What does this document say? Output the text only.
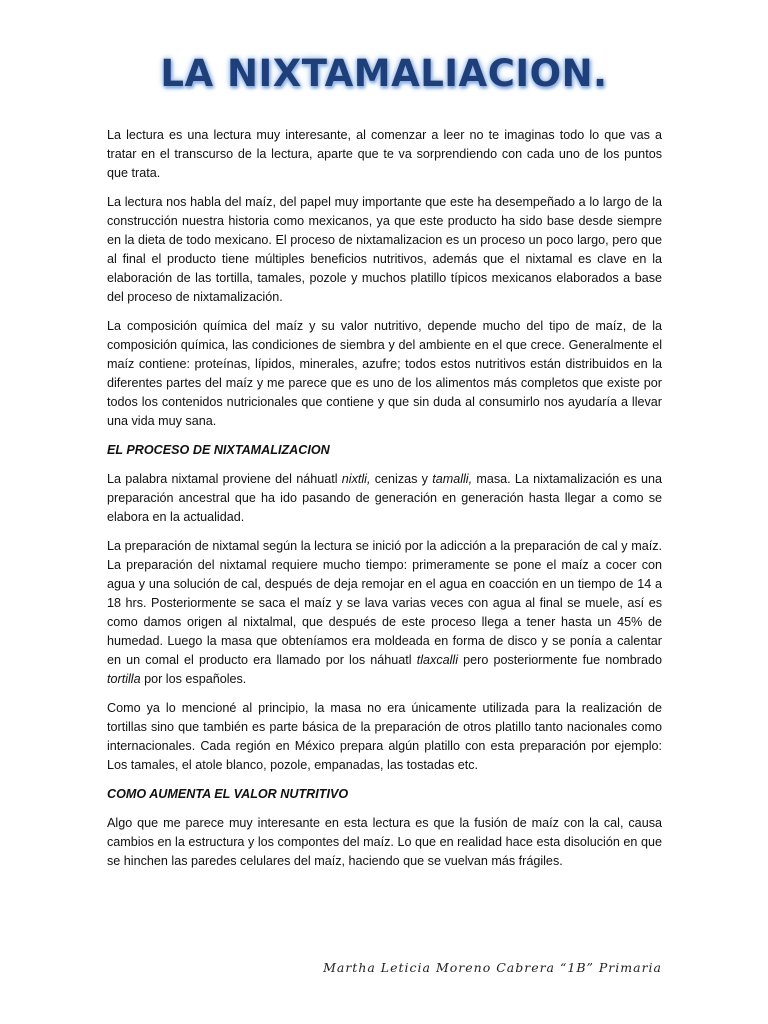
LA NIXTAMALIACION.

La lectura es una lectura muy interesante, al comenzar a leer no te imaginas todo lo que vas a tratar en el transcurso de la lectura, aparte que te va sorprendiendo con cada uno de los puntos que trata.

La lectura nos habla del maíz, del papel muy importante que este ha desempeñado a lo largo de la construcción nuestra historia como mexicanos, ya que este producto ha sido base desde siempre en la dieta de todo mexicano. El proceso de nixtamalizacion es un proceso un poco largo, pero que al final el producto tiene múltiples beneficios nutritivos, además que el nixtamal es clave en la elaboración de las tortilla, tamales, pozole y muchos platillo típicos mexicanos elaborados a base del proceso de nixtamalización.

La composición química del maíz y su valor nutritivo, depende mucho del tipo de maíz, de la composición química, las condiciones de siembra y del ambiente en el que crece. Generalmente el maíz contiene: proteínas, lípidos, minerales, azufre; todos estos nutritivos están distribuidos en la diferentes partes del maíz y me parece que es uno de los alimentos más completos que existe por todos los contenidos nutricionales que contiene y que sin duda al consumirlo nos ayudaría a llevar una vida muy sana.

EL PROCESO DE NIXTAMALIZACION

La palabra nixtamal proviene del náhuatl nixtli, cenizas y tamalli, masa. La nixtamalización es una preparación ancestral que ha ido pasando de generación en generación hasta llegar a como se elabora en la actualidad.

La preparación de nixtamal según la lectura se inició por la adicción a la preparación de cal y maíz. La preparación del nixtamal requiere mucho tiempo: primeramente se pone el maíz a cocer con agua y una solución de cal, después de deja remojar en el agua en coacción en un tiempo de 14 a 18 hrs. Posteriormente se saca el maíz y se lava varias veces con agua al final se muele, así es como damos origen al nixtalmal, que después de este proceso llega a tener hasta un 45% de humedad. Luego la masa que obteníamos era moldeada en forma de disco y se ponía a calentar en un comal el producto era llamado por los náhuatl tlaxcalli pero posteriormente fue nombrado tortilla por los españoles.

Como ya lo mencioné al principio, la masa no era únicamente utilizada para la realización de tortillas sino que también es parte básica de la preparación de otros platillo tanto nacionales como internacionales. Cada región en México prepara algún platillo con esta preparación por ejemplo: Los tamales, el atole blanco, pozole, empanadas, las tostadas etc.

COMO AUMENTA EL VALOR NUTRITIVO

Algo que me parece muy interesante en esta lectura es que la fusión de maíz con la cal, causa cambios en la estructura y los compontes del maíz. Lo que en realidad hace esta disolución en que se hinchen las paredes celulares del maíz, haciendo que se vuelvan más frágiles.

Martha Leticia Moreno Cabrera “1B” Primaria
